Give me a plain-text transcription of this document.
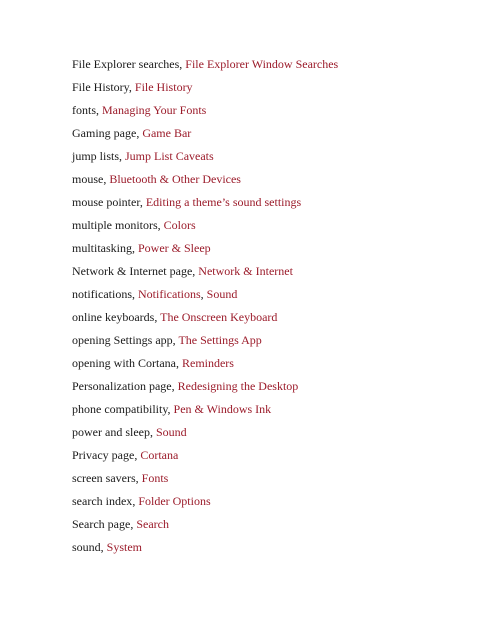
File Explorer searches, File Explorer Window Searches
File History, File History
fonts, Managing Your Fonts
Gaming page, Game Bar
jump lists, Jump List Caveats
mouse, Bluetooth & Other Devices
mouse pointer, Editing a theme’s sound settings
multiple monitors, Colors
multitasking, Power & Sleep
Network & Internet page, Network & Internet
notifications, Notifications, Sound
online keyboards, The Onscreen Keyboard
opening Settings app, The Settings App
opening with Cortana, Reminders
Personalization page, Redesigning the Desktop
phone compatibility, Pen & Windows Ink
power and sleep, Sound
Privacy page, Cortana
screen savers, Fonts
search index, Folder Options
Search page, Search
sound, System
